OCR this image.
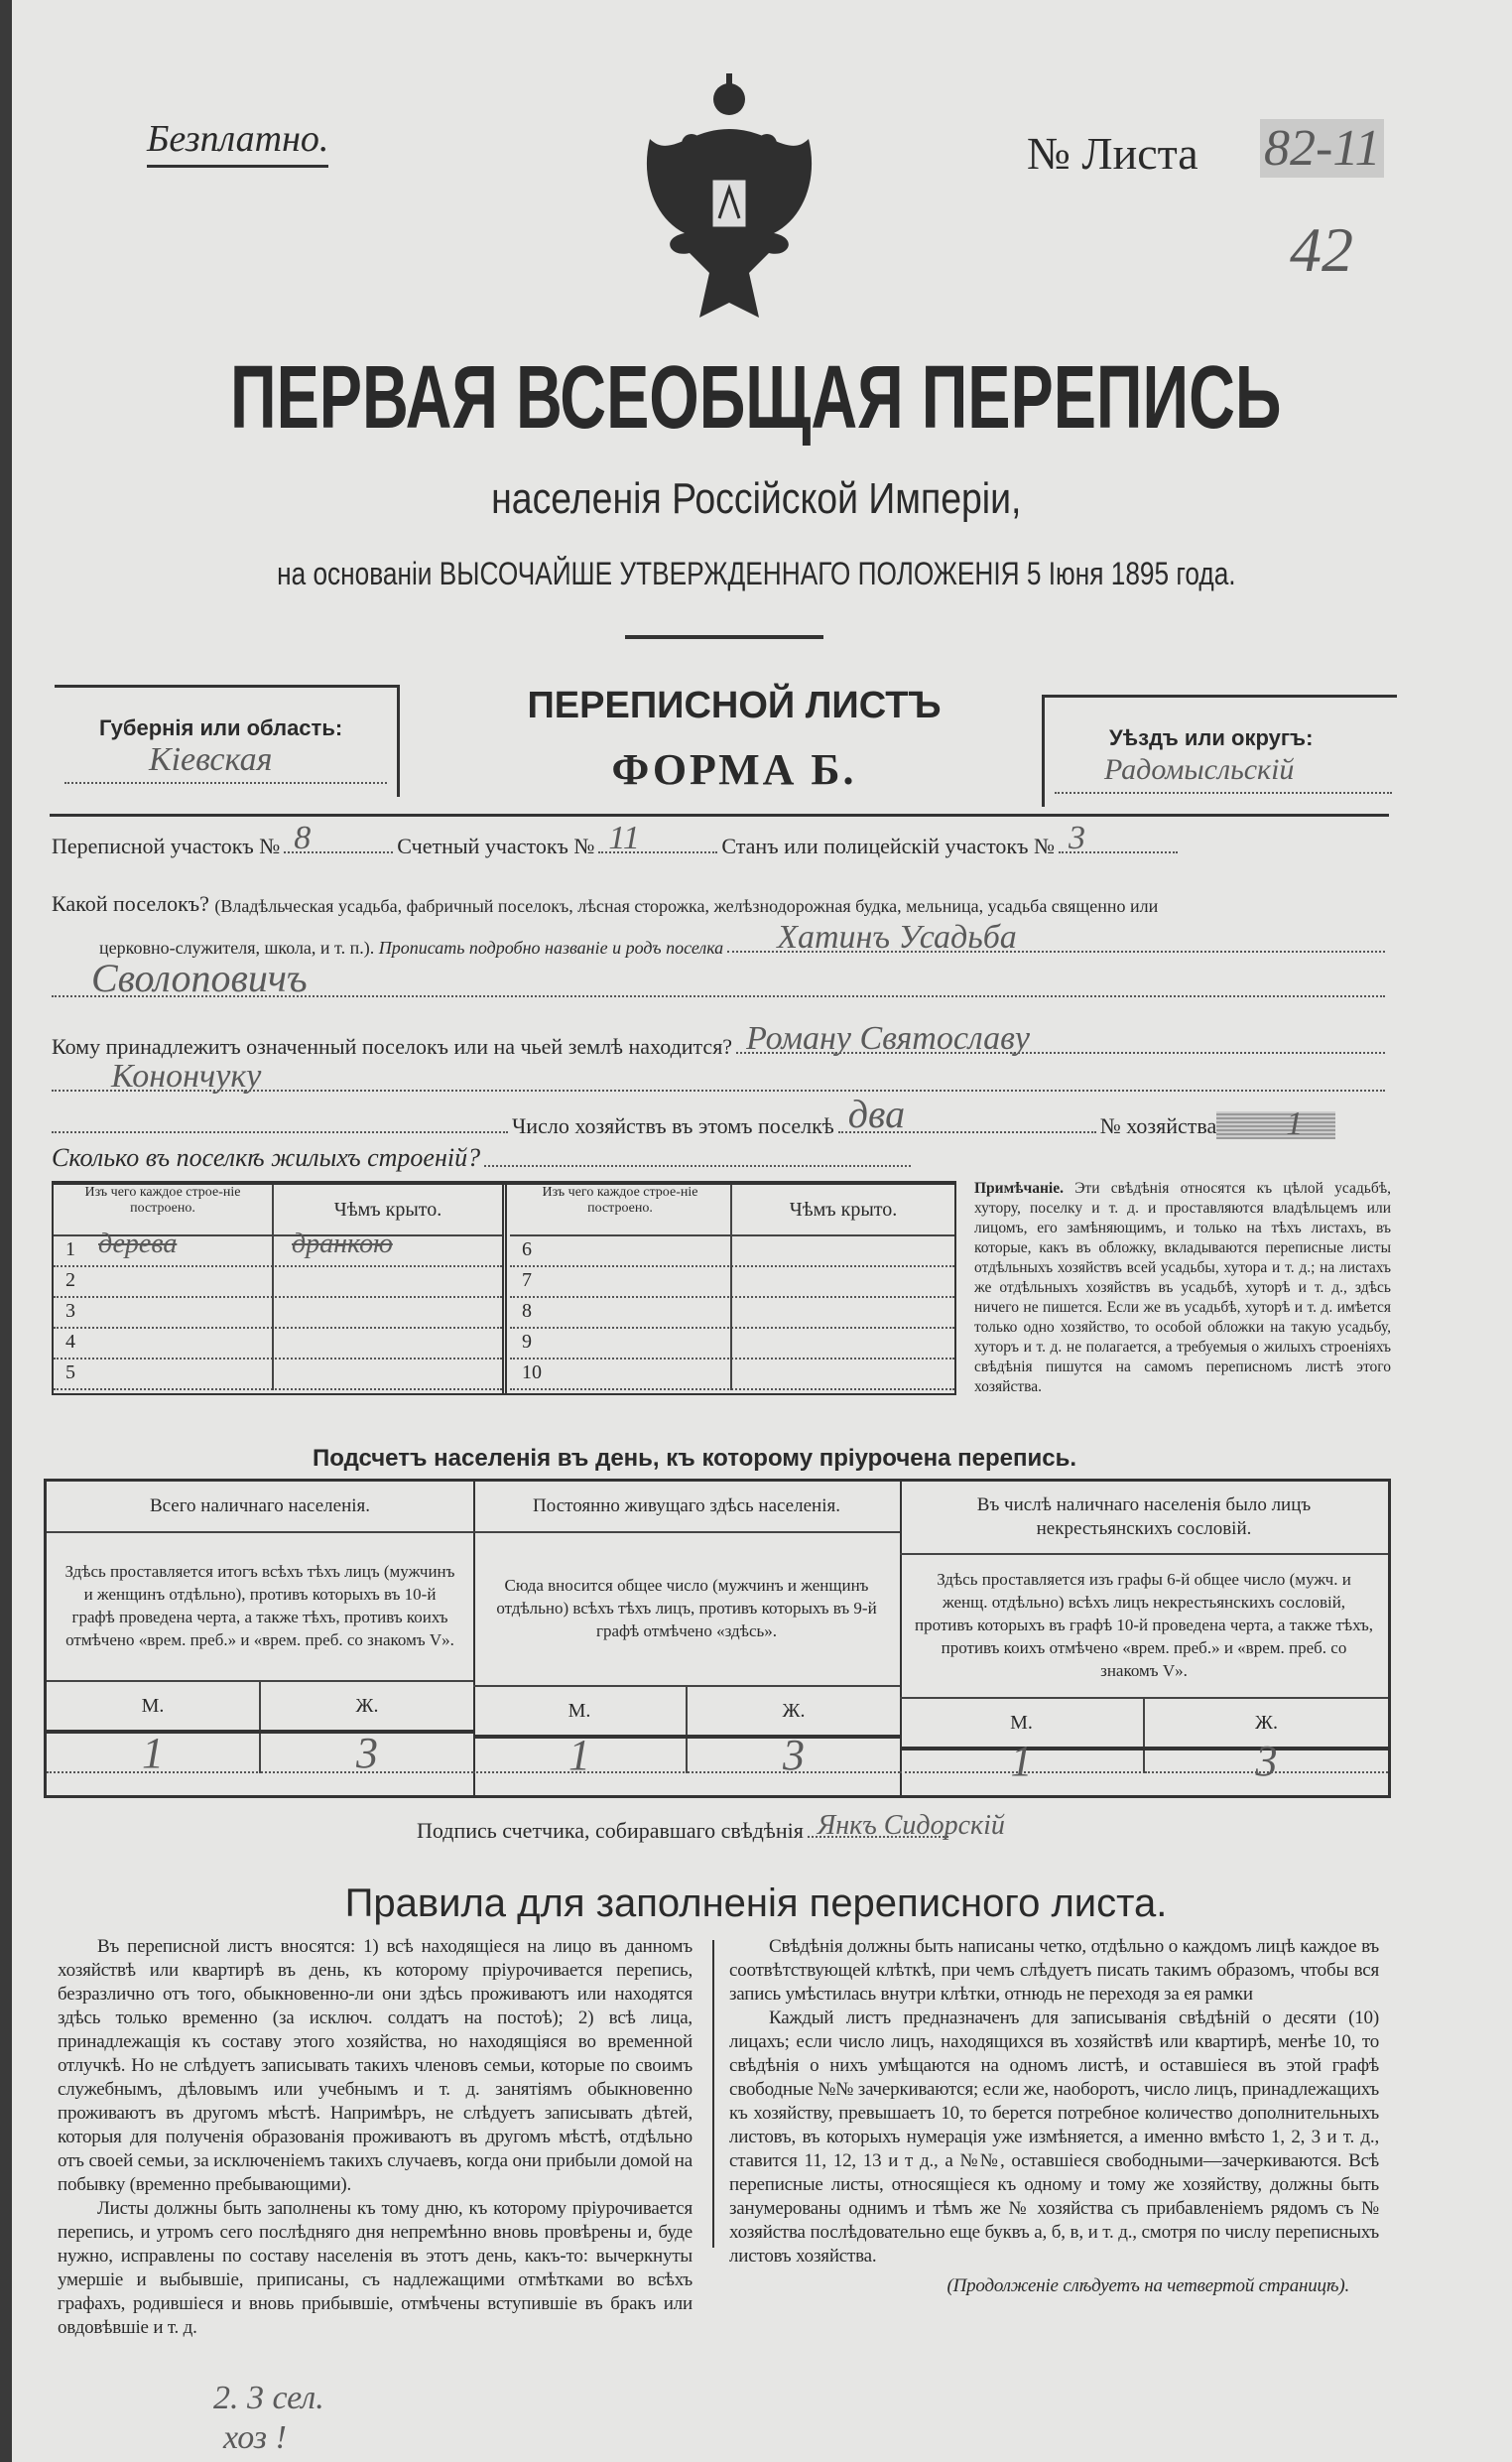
Безплатно.	№ Листа 82-11
42
ПЕРВАЯ ВСЕОБЩАЯ ПЕРЕПИСЬ
населенія Россійской Имперіи,
на основаніи ВЫСОЧАЙШЕ УТВЕРЖДЕННАГО ПОЛОЖЕНІЯ 5 Іюня 1895 года.
Губернія или область:
Кіевская
ПЕРЕПИСНОЙ ЛИСТЪ
ФОРМА Б.
Уѣздъ или округъ:
Радомысльскій
Переписной участокъ № 8	Счетный участокъ № 11	Станъ или полицейскій участокъ № 3
Какой поселокъ?
(Владѣльческая усадьба, фабричный поселокъ, лѣсная сторожка, желѣзнодорожная будка, мельница, усадьба священно или
церковно-служителя, школа, и т. п.).
Прописать подробно названіе и родъ поселка Хатинъ Усадьба
Сволоповичъ
Кому принадлежитъ означенный поселокъ или на чьей землѣ находится? Роману Святославу
Конончуку
Число хозяйствъ въ этомъ поселкѣ два	№ хозяйства 1
Сколько въ поселкѣ жилыхъ строеній?
Изъ чего каждое строе-ніе построено.	Чѣмъ крыто.
1 дерева	дранкою
2
3
4
5
Изъ чего каждое строе-ніе построено.	Чѣмъ крыто.
6
7
8
9
10
Примѣчаніе. Эти свѣдѣнія относятся къ цѣлой усадьбѣ, хутору, поселку и т. д. и проставляются владѣльцемъ или лицомъ, его замѣняющимъ, и только на тѣхъ листахъ, въ которые, какъ въ обложку, вкладываются переписные листы отдѣльныхъ хозяйствъ всей усадьбы, хутора и т. д.; на листахъ же отдѣльныхъ хозяйствъ въ усадьбѣ, хуторѣ и т. д., здѣсь ничего не пишется. Если же въ усадьбѣ, хуторѣ и т. д. имѣется только одно хозяйство, то особой обложки на такую усадьбу, хуторъ и т. д. не полагается, а требуемыя о жилыхъ строеніяхъ свѣдѣнія пишутся на самомъ переписномъ листѣ этого хозяйства.
Подсчетъ населенія въ день, къ которому пріурочена перепись.
Всего наличнаго населенія.
Здѣсь проставляется итогъ всѣхъ тѣхъ лицъ (мужчинъ и женщинъ отдѣльно), противъ которыхъ въ 10-й графѣ проведена черта, а также тѣхъ, противъ коихъ отмѣчено «врем. преб.» и «врем. преб. со знакомъ V».
М.	Ж.
1	3
Постоянно живущаго здѣсь населенія.
Сюда вносится общее число (мужчинъ и женщинъ отдѣльно) всѣхъ тѣхъ лицъ, противъ которыхъ въ 9-й графѣ отмѣчено «здѣсь».
М.	Ж.
1	3
Въ числѣ наличнаго населенія было лицъ некрестьянскихъ сословій.
Здѣсь проставляется изъ графы 6-й общее число (мужч. и женщ. отдѣльно) всѣхъ лицъ некрестьянскихъ сословій, противъ которыхъ въ графѣ 10-й проведена черта, а также тѣхъ, противъ коихъ отмѣчено «врем. преб.» и «врем. преб. со знакомъ V».
М.	Ж.
1	3
Подпись счетчика, собиравшаго свѣдѣнія Янкъ Сидорскій
Правила для заполненія переписного листа.

Въ переписной листъ вносятся: 1) всѣ находящіеся на лицо въ данномъ хозяйствѣ или квартирѣ въ день, къ которому пріурочивается перепись, безразлично отъ того, обыкновенно-ли они здѣсь проживаютъ или находятся здѣсь только временно (за исключ. солдатъ на постоѣ); 2) всѣ лица, принадлежащія къ составу этого хозяйства, но находящіяся во временной отлучкѣ. Но не слѣдуетъ записывать такихъ членовъ семьи, которые по своимъ служебнымъ, дѣловымъ или учебнымъ и т. д. занятіямъ обыкновенно проживаютъ въ другомъ мѣстѣ. Напримѣръ, не слѣдуетъ записывать дѣтей, которыя для полученія образованія проживаютъ въ другомъ мѣстѣ, отдѣльно отъ своей семьи, за исключеніемъ такихъ случаевъ, когда они прибыли домой на побывку (временно пребывающими).

Листы должны быть заполнены къ тому дню, къ которому пріурочивается перепись, и утромъ сего послѣдняго дня непремѣнно вновь провѣрены и, буде нужно, исправлены по составу населенія въ этотъ день, какъ-то: вычеркнуты умершіе и выбывшіе, приписаны, съ надлежащими отмѣтками во всѣхъ графахъ, родившіеся и вновь прибывшіе, отмѣчены вступившіе въ бракъ или овдовѣвшіе и т. д.

Свѣдѣнія должны быть написаны четко, отдѣльно о каждомъ лицѣ каждое въ соотвѣтствующей клѣткѣ, при чемъ слѣдуетъ писать такимъ образомъ, чтобы вся запись умѣстилась внутри клѣтки, отнюдь не переходя за ея рамки

Каждый листъ предназначенъ для записыванія свѣдѣній о десяти (10) лицахъ; если число лицъ, находящихся въ хозяйствѣ или квартирѣ, менѣе 10, то свѣдѣнія о нихъ умѣщаются на одномъ листѣ, и оставшіеся въ этой графѣ свободные №№ зачеркиваются; если же, наоборотъ, число лицъ, принадлежащихъ къ хозяйству, превышаетъ 10, то берется потребное количество дополнительныхъ листовъ, въ которыхъ нумерація уже измѣняется, а именно вмѣсто 1, 2, 3 и т. д., ставится 11, 12, 13 и т д., а №№, оставшіеся свободными—зачеркиваются. Всѣ переписные листы, относящіеся къ одному и тому же хозяйству, должны быть занумерованы однимъ и тѣмъ же № хозяйства съ прибавленіемъ рядомъ съ № хозяйства послѣдовательно еще буквъ а, б, в, и т. д., смотря по числу переписныхъ листовъ хозяйства.

(Продолженіе слѣдуетъ на четвертой страницѣ).
2. 3 сел.
хоз !
